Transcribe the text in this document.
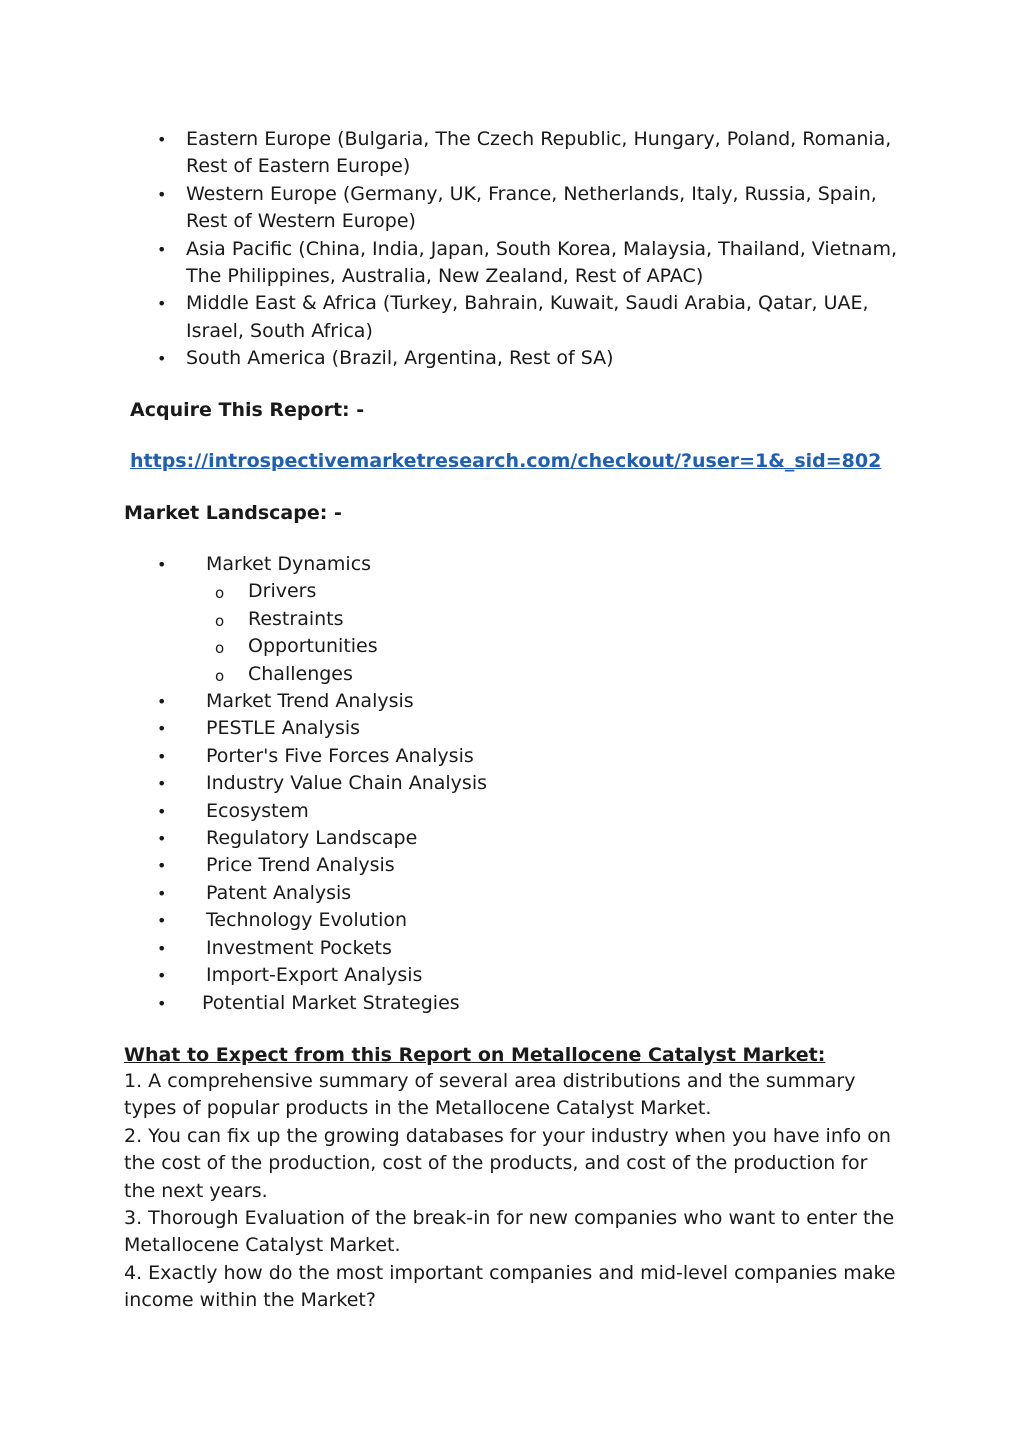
•	Eastern Europe (Bulgaria, The Czech Republic, Hungary, Poland, Romania, Rest of Eastern Europe)
•	Western Europe (Germany, UK, France, Netherlands, Italy, Russia, Spain, Rest of Western Europe)
•	Asia Pacific (China, India, Japan, South Korea, Malaysia, Thailand, Vietnam, The Philippines, Australia, New Zealand, Rest of APAC)
•	Middle East & Africa (Turkey, Bahrain, Kuwait, Saudi Arabia, Qatar, UAE, Israel, South Africa)
•	South America (Brazil, Argentina, Rest of SA)

Acquire This Report: -

https://introspectivemarketresearch.com/checkout/?user=1&_sid=802

Market Landscape: -

•	Market Dynamics
o Drivers
o Restraints
o Opportunities
o Challenges
•	Market Trend Analysis
•	PESTLE Analysis
•	Porter's Five Forces Analysis
•	Industry Value Chain Analysis
•	Ecosystem
•	Regulatory Landscape
•	Price Trend Analysis
•	Patent Analysis
•	Technology Evolution
•	Investment Pockets
•	Import-Export Analysis
•	Potential Market Strategies

What to Expect from this Report on Metallocene Catalyst Market:

1. A comprehensive summary of several area distributions and the summary types of popular products in the Metallocene Catalyst Market.

2. You can fix up the growing databases for your industry when you have info on the cost of the production, cost of the products, and cost of the production for the next years.

3. Thorough Evaluation of the break-in for new companies who want to enter the Metallocene Catalyst Market.

4. Exactly how do the most important companies and mid-level companies make income within the Market?
